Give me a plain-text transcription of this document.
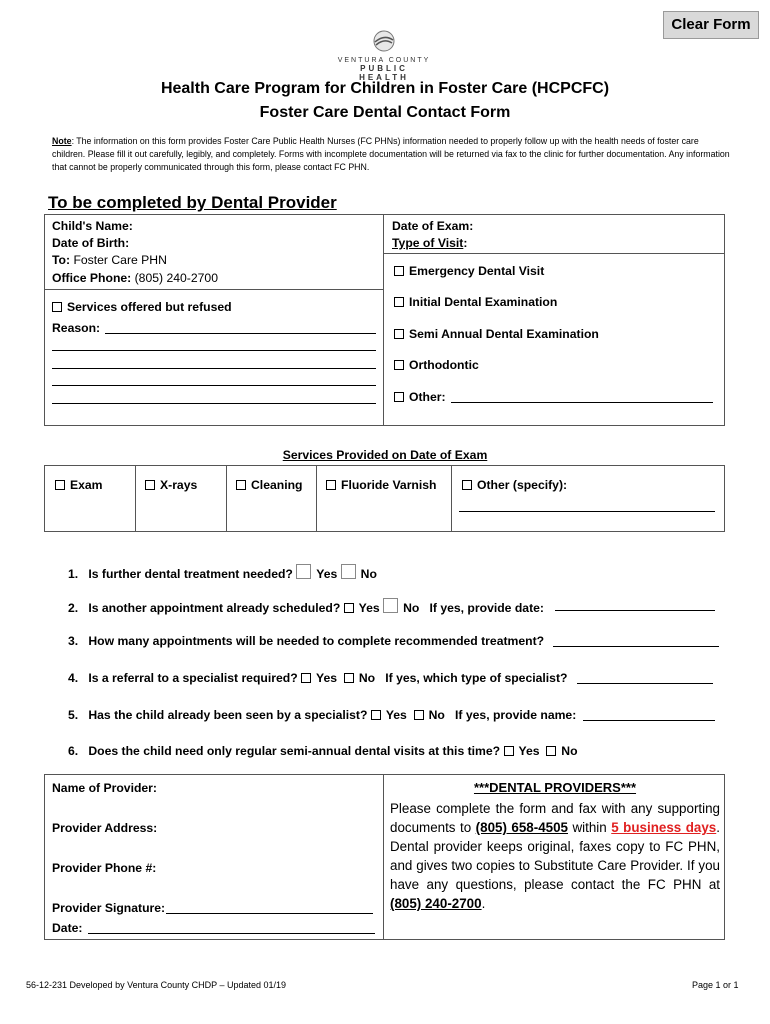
Clear Form
VENTURA COUNTY
PUBLIC HEALTH
Health Care Program for Children in Foster Care (HCPCFC)
Foster Care Dental Contact Form
Note: The information on this form provides Foster Care Public Health Nurses (FC PHNs) information needed to properly follow up with the health needs of foster care children. Please fill it out carefully, legibly, and completely. Forms with incomplete documentation will be returned via fax to the clinic for further documentation. Any information that cannot be properly communicated through this form, please contact FC PHN.
To be completed by Dental Provider
Child's Name:
Date of Birth:
To: Foster Care PHN
Office Phone: (805) 240-2700
Services offered but refused
Reason:
Date of Exam:
Type of Visit:
Emergency Dental Visit
Initial Dental Examination
Semi Annual Dental Examination
Orthodontic
Other:
Services Provided on Date of Exam
Exam	X-rays	Cleaning	Fluoride Varnish	Other (specify):
1. Is further dental treatment needed? Yes No
2. Is another appointment already scheduled? Yes No If yes, provide date:
3. How many appointments will be needed to complete recommended treatment?
4. Is a referral to a specialist required? Yes No If yes, which type of specialist?
5. Has the child already been seen by a specialist? Yes No If yes, provide name:
6. Does the child need only regular semi-annual dental visits at this time? Yes No
Name of Provider:
Provider Address:
Provider Phone #:
Provider Signature:
Date:
***DENTAL PROVIDERS***
Please complete the form and fax with any supporting documents to (805) 658-4505 within 5 business days. Dental provider keeps original, faxes copy to FC PHN, and gives two copies to Substitute Care Provider. If you have any questions, please contact the FC PHN at (805) 240-2700.
56-12-231 Developed by Ventura County CHDP – Updated 01/19	Page 1 or 1
